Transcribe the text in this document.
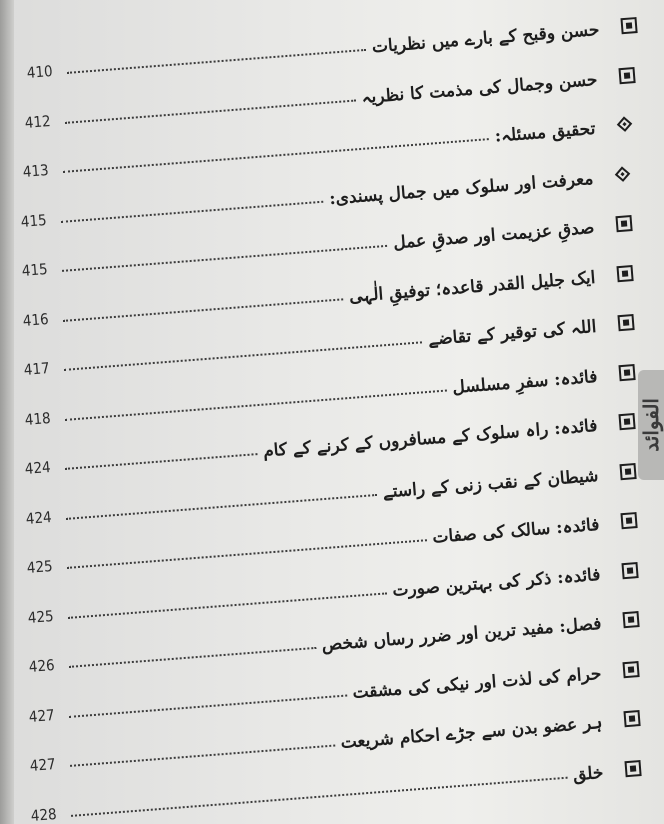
الفوائد
410
حسن وقبح کے بارے میں نظریات
412
حسن وجمال کی مذمت کا نظریہ
413
تحقیق مسئلہ:
415
معرفت اور سلوک میں جمال پسندی:
415
صدقِ عزیمت اور صدقِ عمل
416
ایک جلیل القدر قاعدہ؛ توفیقِ الٰہی
417
اللہ کی توقیر کے تقاضے
418
فائدہ: سفرِ مسلسل
424
فائدہ: راہ سلوک کے مسافروں کے کرنے کے کام
424
شیطان کے نقب زنی کے راستے
425
فائدہ: سالک کی صفات
425
فائدہ: ذکر کی بہترین صورت
426
فصل: مفید ترین اور ضرر رساں شخص
427
حرام کی لذت اور نیکی کی مشقت
427
ہر عضو بدن سے جڑے احکام شریعت
428
خلق
